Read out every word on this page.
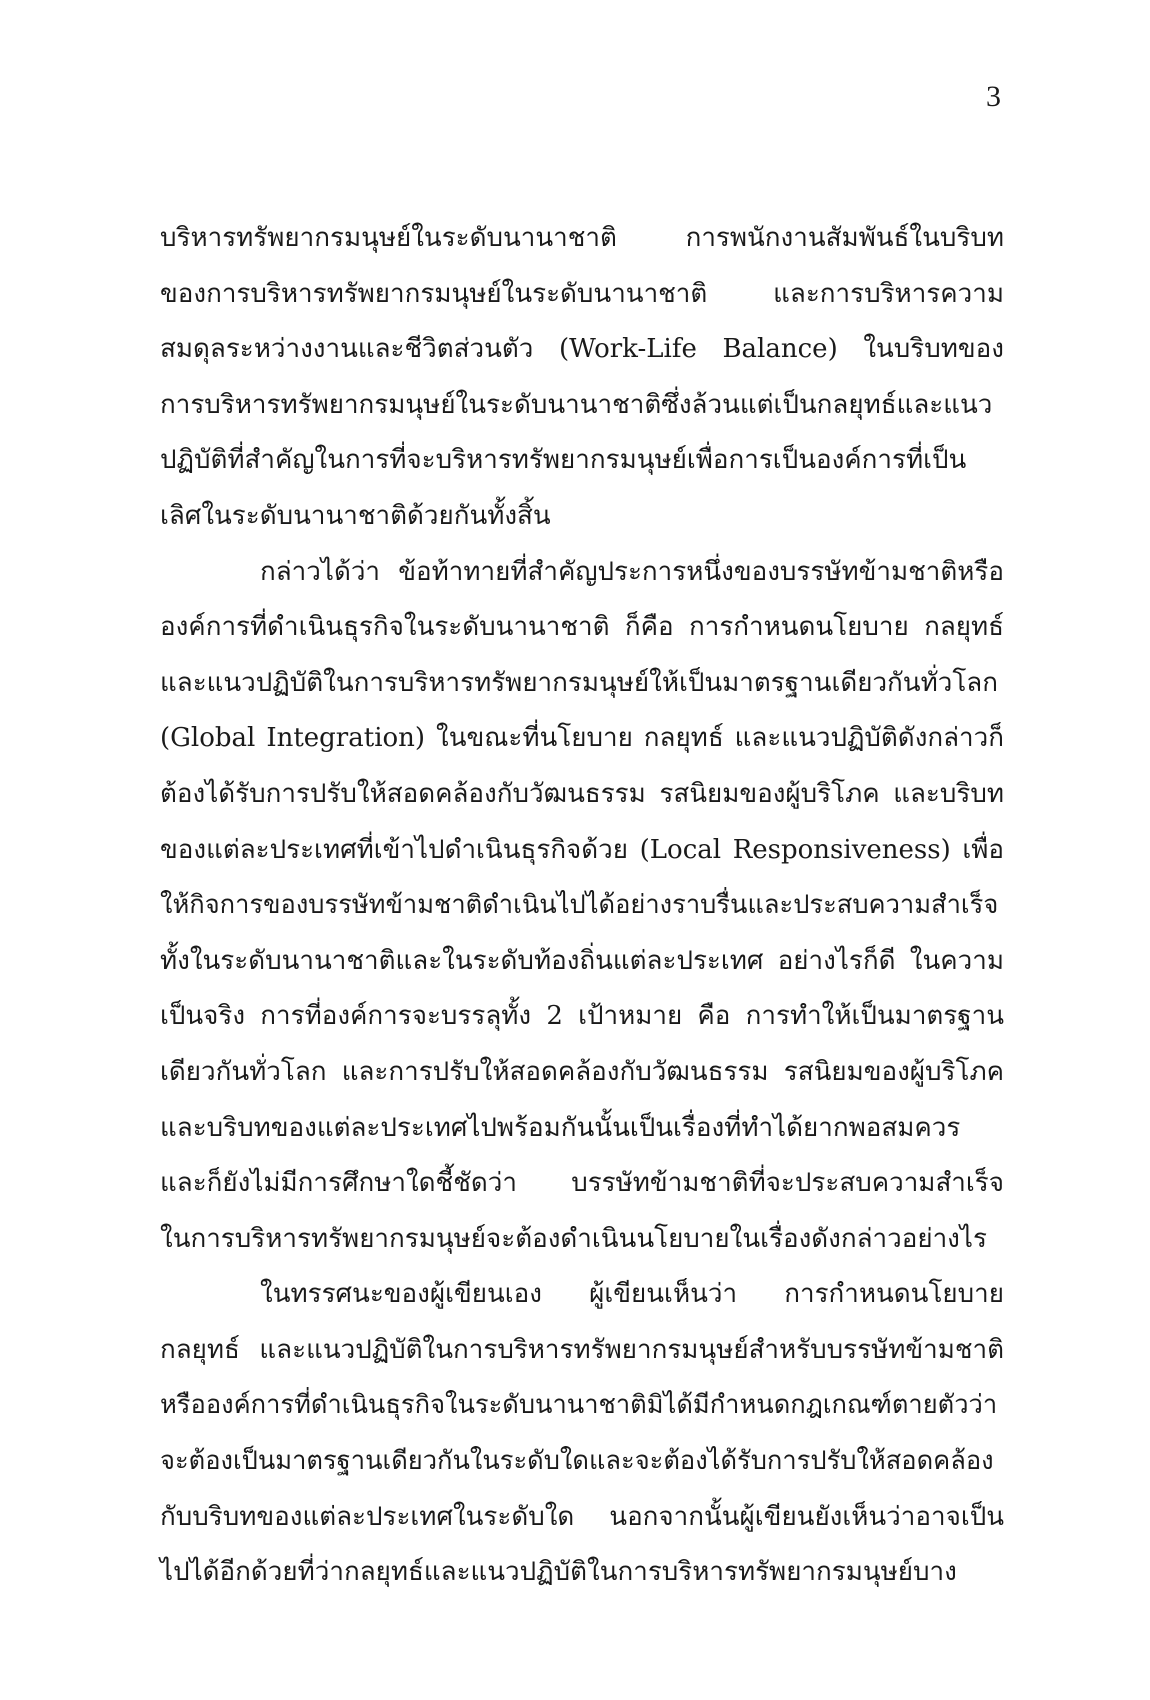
3
บริหารทรัพยากรมนุษย์ในระดับนานาชาติ การพนักงานสัมพันธ์ในบริบท
ของการบริหารทรัพยากรมนุษย์ในระดับนานาชาติ และการบริหารความ
สมดุลระหว่างงานและชีวิตส่วนตัว (Work-Life Balance) ในบริบทของ
การบริหารทรัพยากรมนุษย์ในระดับนานาชาติซึ่งล้วนแต่เป็นกลยุทธ์และแนว
ปฏิบัติที่สำคัญในการที่จะบริหารทรัพยากรมนุษย์เพื่อการเป็นองค์การที่เป็น
เลิศในระดับนานาชาติด้วยกันทั้งสิ้น
กล่าวได้ว่า ข้อท้าทายที่สำคัญประการหนึ่งของบรรษัทข้ามชาติหรือ
องค์การที่ดำเนินธุรกิจในระดับนานาชาติ ก็คือ การกำหนดนโยบาย กลยุทธ์
และแนวปฏิบัติในการบริหารทรัพยากรมนุษย์ให้เป็นมาตรฐานเดียวกันทั่วโลก
(Global Integration) ในขณะที่นโยบาย กลยุทธ์ และแนวปฏิบัติดังกล่าวก็
ต้องได้รับการปรับให้สอดคล้องกับวัฒนธรรม รสนิยมของผู้บริโภค และบริบท
ของแต่ละประเทศที่เข้าไปดำเนินธุรกิจด้วย (Local Responsiveness) เพื่อ
ให้กิจการของบรรษัทข้ามชาติดำเนินไปได้อย่างราบรื่นและประสบความสำเร็จ
ทั้งในระดับนานาชาติและในระดับท้องถิ่นแต่ละประเทศ อย่างไรก็ดี ในความ
เป็นจริง การที่องค์การจะบรรลุทั้ง 2 เป้าหมาย คือ การทำให้เป็นมาตรฐาน
เดียวกันทั่วโลก และการปรับให้สอดคล้องกับวัฒนธรรม รสนิยมของผู้บริโภค
และบริบทของแต่ละประเทศไปพร้อมกันนั้นเป็นเรื่องที่ทำได้ยากพอสมควร
และก็ยังไม่มีการศึกษาใดชี้ชัดว่า บรรษัทข้ามชาติที่จะประสบความสำเร็จ
ในการบริหารทรัพยากรมนุษย์จะต้องดำเนินนโยบายในเรื่องดังกล่าวอย่างไร
ในทรรศนะของผู้เขียนเอง ผู้เขียนเห็นว่า การกำหนดนโยบาย
กลยุทธ์ และแนวปฏิบัติในการบริหารทรัพยากรมนุษย์สำหรับบรรษัทข้ามชาติ
หรือองค์การที่ดำเนินธุรกิจในระดับนานาชาติมิได้มีกำหนดกฎเกณฑ์ตายตัวว่า
จะต้องเป็นมาตรฐานเดียวกันในระดับใดและจะต้องได้รับการปรับให้สอดคล้อง
กับบริบทของแต่ละประเทศในระดับใด นอกจากนั้นผู้เขียนยังเห็นว่าอาจเป็น
ไปได้อีกด้วยที่ว่ากลยุทธ์และแนวปฏิบัติในการบริหารทรัพยากรมนุษย์บาง
